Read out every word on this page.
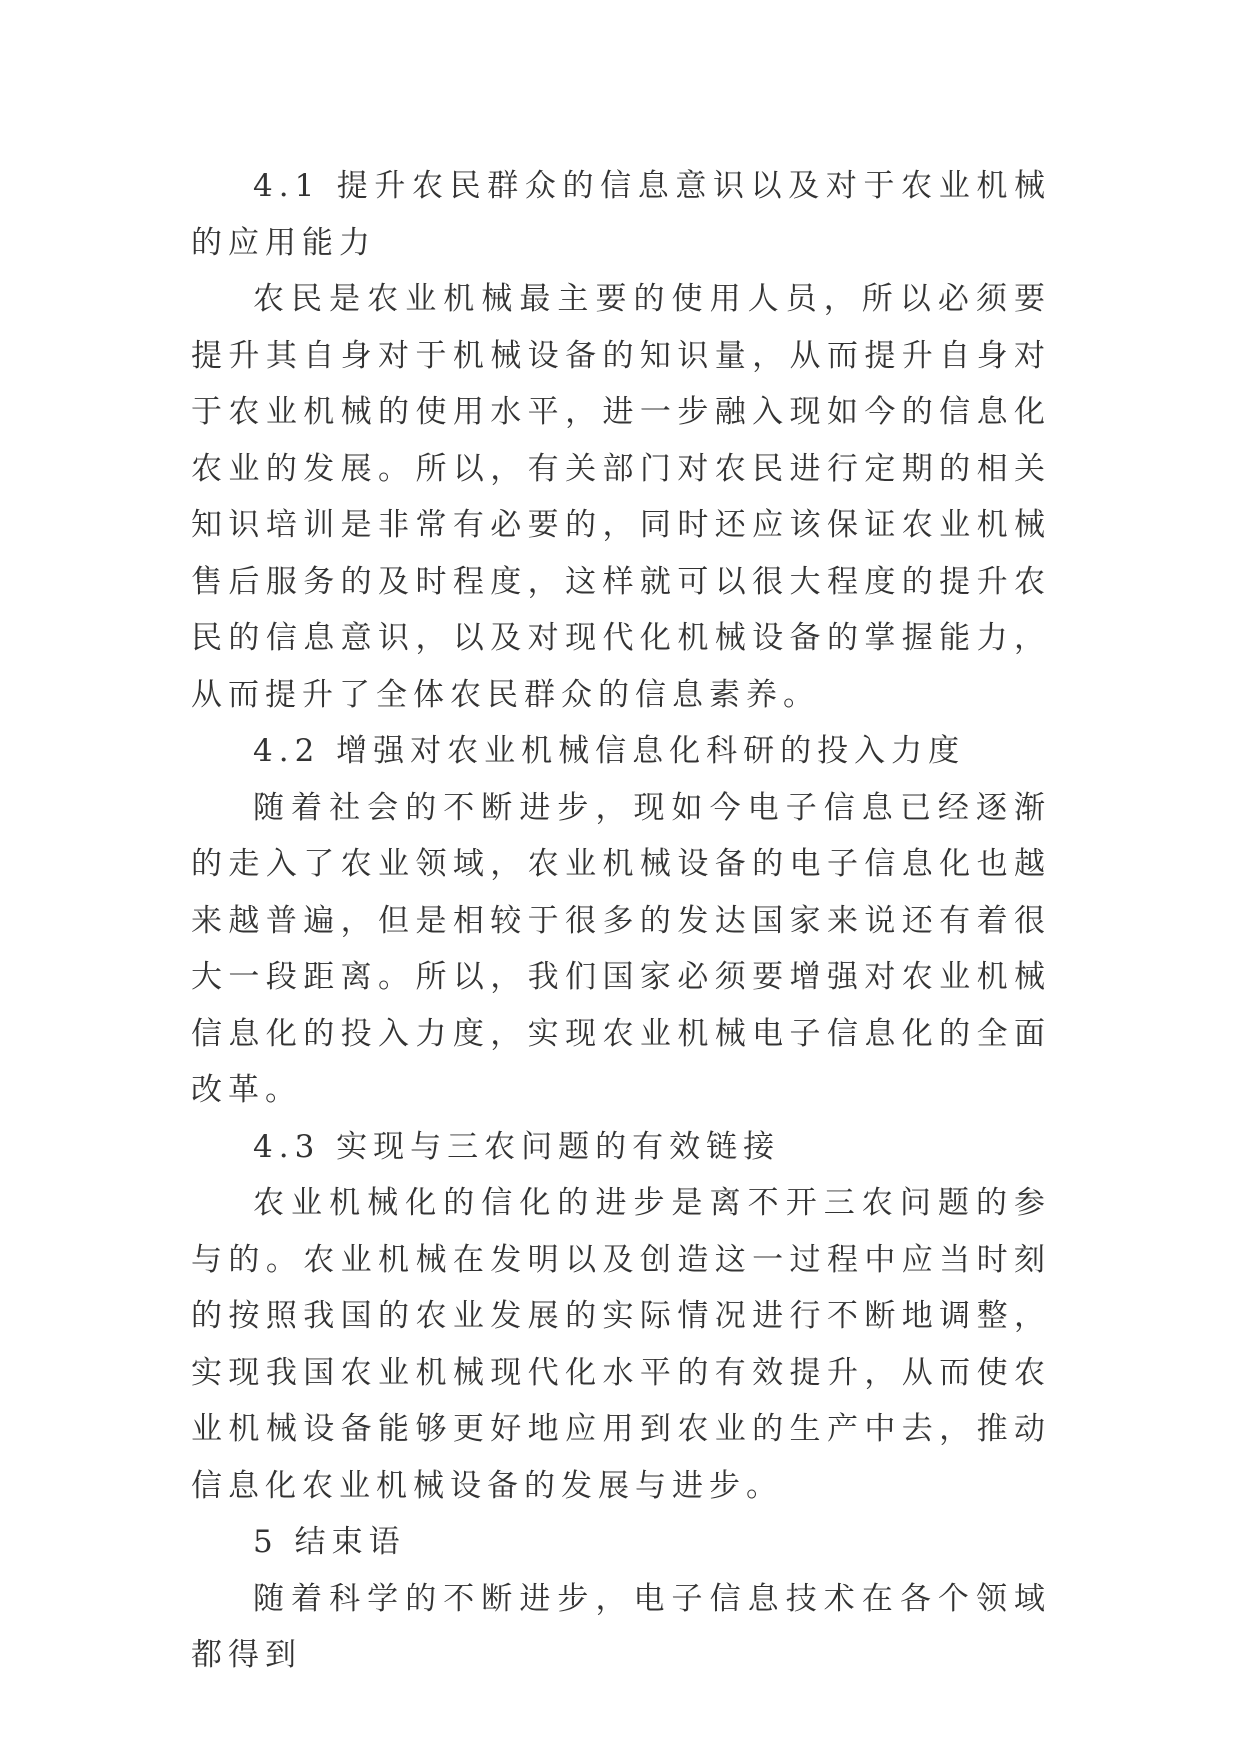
4.1 提升农民群众的信息意识以及对于农业机械的应用能力

农民是农业机械最主要的使用人员，所以必须要提升其自身对于机械设备的知识量，从而提升自身对于农业机械的使用水平，进一步融入现如今的信息化农业的发展。所以，有关部门对农民进行定期的相关知识培训是非常有必要的，同时还应该保证农业机械售后服务的及时程度，这样就可以很大程度的提升农民的信息意识，以及对现代化机械设备的掌握能力，从而提升了全体农民群众的信息素养。

4.2 增强对农业机械信息化科研的投入力度

随着社会的不断进步，现如今电子信息已经逐渐的走入了农业领域，农业机械设备的电子信息化也越来越普遍，但是相较于很多的发达国家来说还有着很大一段距离。所以，我们国家必须要增强对农业机械信息化的投入力度，实现农业机械电子信息化的全面改革。

4.3 实现与三农问题的有效链接

农业机械化的信化的进步是离不开三农问题的参与的。农业机械在发明以及创造这一过程中应当时刻的按照我国的农业发展的实际情况进行不断地调整，实现我国农业机械现代化水平的有效提升，从而使农业机械设备能够更好地应用到农业的生产中去，推动信息化农业机械设备的发展与进步。

5 结束语

随着科学的不断进步，电子信息技术在各个领域都得到
